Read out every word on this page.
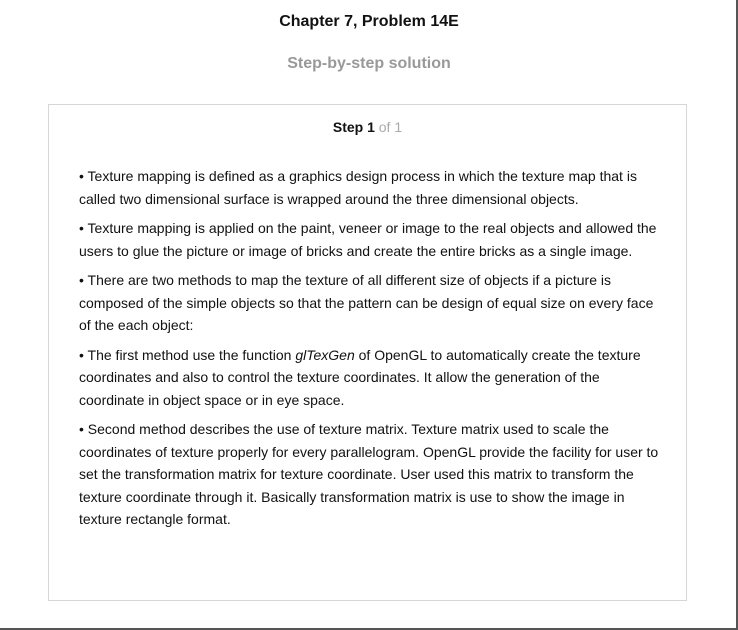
Chapter 7, Problem 14E
Step-by-step solution
Step 1 of 1

• Texture mapping is defined as a graphics design process in which the texture map that is called two dimensional surface is wrapped around the three dimensional objects.

• Texture mapping is applied on the paint, veneer or image to the real objects and allowed the users to glue the picture or image of bricks and create the entire bricks as a single image.

• There are two methods to map the texture of all different size of objects if a picture is composed of the simple objects so that the pattern can be design of equal size on every face of the each object:

• The first method use the function glTexGen of OpenGL to automatically create the texture coordinates and also to control the texture coordinates. It allow the generation of the coordinate in object space or in eye space.

• Second method describes the use of texture matrix. Texture matrix used to scale the coordinates of texture properly for every parallelogram. OpenGL provide the facility for user to set the transformation matrix for texture coordinate. User used this matrix to transform the texture coordinate through it. Basically transformation matrix is use to show the image in texture rectangle format.
